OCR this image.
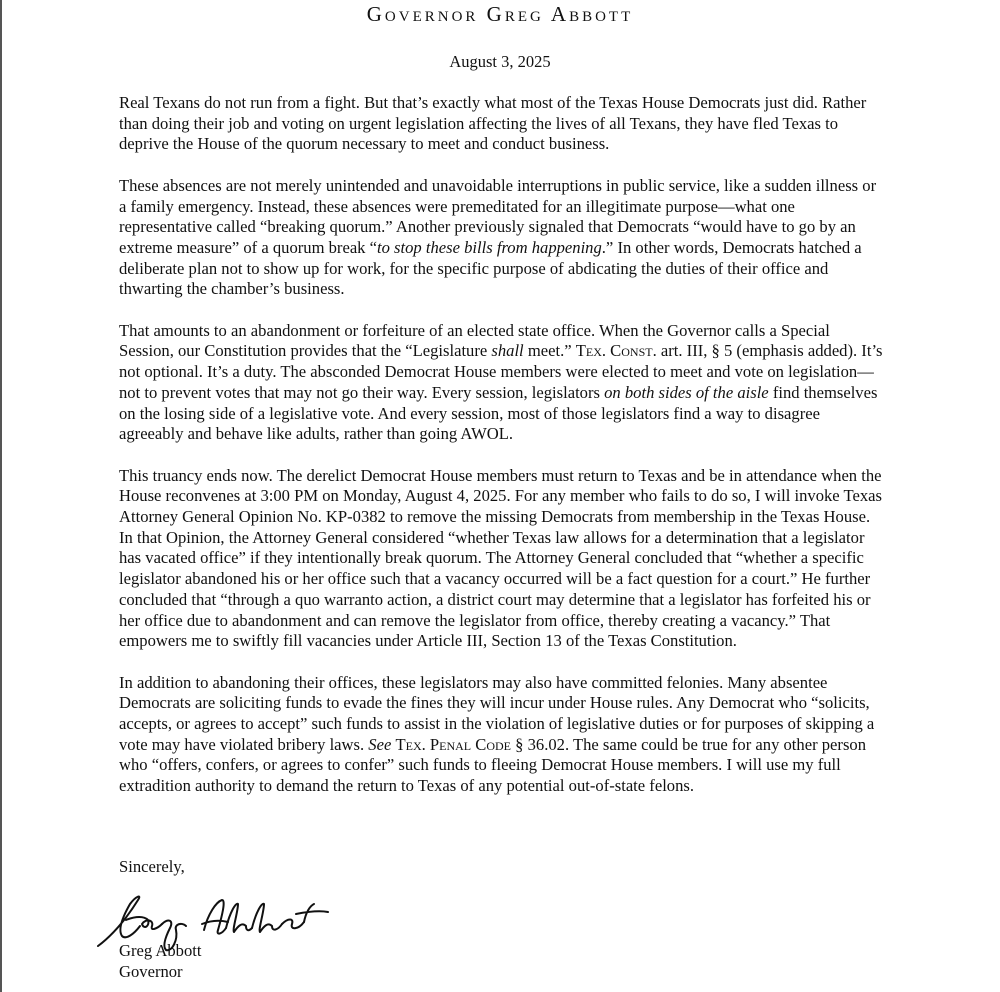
Governor Greg Abbott
August 3, 2025

Real Texans do not run from a fight. But that’s exactly what most of the Texas House Democrats just did. Rather than doing their job and voting on urgent legislation affecting the lives of all Texans, they have fled Texas to deprive the House of the quorum necessary to meet and conduct business.

These absences are not merely unintended and unavoidable interruptions in public service, like a sudden illness or a family emergency. Instead, these absences were premeditated for an illegitimate purpose—what one representative called “breaking quorum.” Another previously signaled that Democrats “would have to go by an extreme measure” of a quorum break “to stop these bills from happening.” In other words, Democrats hatched a deliberate plan not to show up for work, for the specific purpose of abdicating the duties of their office and thwarting the chamber’s business.

That amounts to an abandonment or forfeiture of an elected state office. When the Governor calls a Special Session, our Constitution provides that the “Legislature shall meet.” Tex. Const. art. III, § 5 (emphasis added). It’s not optional. It’s a duty. The absconded Democrat House members were elected to meet and vote on legislation—not to prevent votes that may not go their way. Every session, legislators on both sides of the aisle find themselves on the losing side of a legislative vote. And every session, most of those legislators find a way to disagree agreeably and behave like adults, rather than going AWOL.

This truancy ends now. The derelict Democrat House members must return to Texas and be in attendance when the House reconvenes at 3:00 PM on Monday, August 4, 2025. For any member who fails to do so, I will invoke Texas Attorney General Opinion No. KP-0382 to remove the missing Democrats from membership in the Texas House. In that Opinion, the Attorney General considered “whether Texas law allows for a determination that a legislator has vacated office” if they intentionally break quorum. The Attorney General concluded that “whether a specific legislator abandoned his or her office such that a vacancy occurred will be a fact question for a court.” He further concluded that “through a quo warranto action, a district court may determine that a legislator has forfeited his or her office due to abandonment and can remove the legislator from office, thereby creating a vacancy.” That empowers me to swiftly fill vacancies under Article III, Section 13 of the Texas Constitution.

In addition to abandoning their offices, these legislators may also have committed felonies. Many absentee Democrats are soliciting funds to evade the fines they will incur under House rules. Any Democrat who “solicits, accepts, or agrees to accept” such funds to assist in the violation of legislative duties or for purposes of skipping a vote may have violated bribery laws. See Tex. Penal Code § 36.02. The same could be true for any other person who “offers, confers, or agrees to confer” such funds to fleeing Democrat House members. I will use my full extradition authority to demand the return to Texas of any potential out-of-state felons.

Sincerely,
Greg Abbott
Governor
